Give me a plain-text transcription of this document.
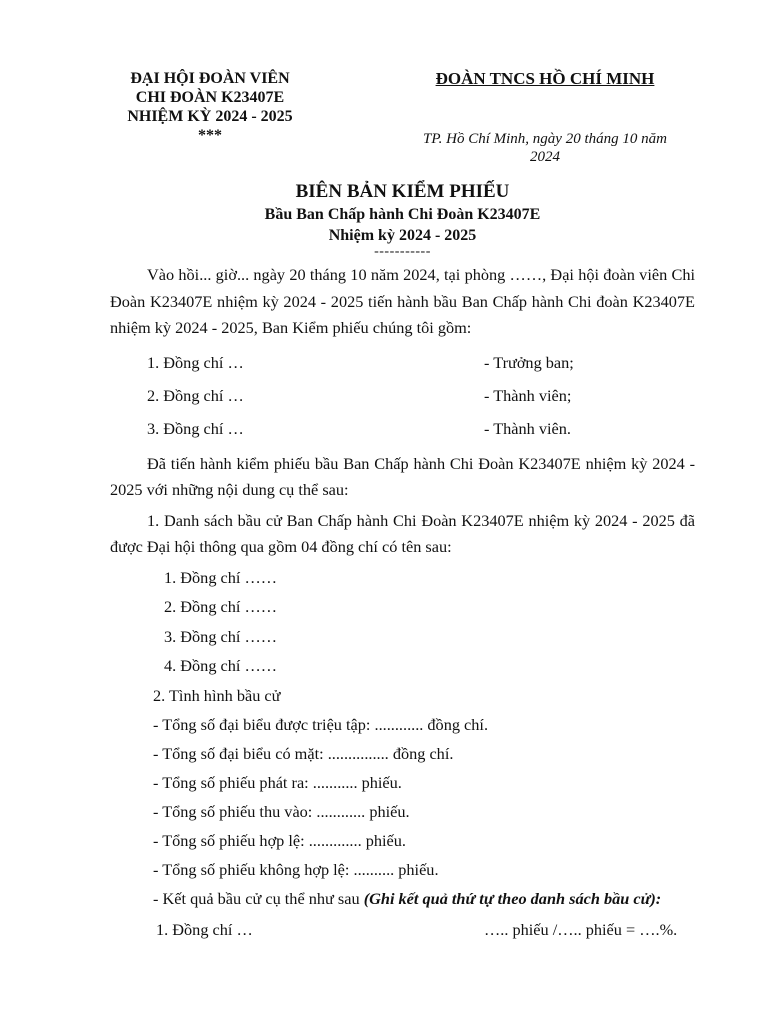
ĐẠI HỘI ĐOÀN VIÊN
CHI ĐOÀN K23407E
NHIỆM KỲ 2024 - 2025
***
ĐOÀN TNCS HỒ CHÍ MINH
TP. Hồ Chí Minh, ngày 20 tháng 10 năm
2024
BIÊN BẢN KIỂM PHIẾU
Bầu Ban Chấp hành Chi Đoàn K23407E
Nhiệm kỳ 2024 - 2025
-----------

Vào hồi... giờ... ngày 20 tháng 10 năm 2024, tại phòng ……, Đại hội đoàn viên Chi Đoàn K23407E nhiệm kỳ 2024 - 2025 tiến hành bầu Ban Chấp hành Chi đoàn K23407E nhiệm kỳ 2024 - 2025, Ban Kiểm phiếu chúng tôi gồm:

1. Đồng chí …	- Trưởng ban;
2. Đồng chí …	- Thành viên;
3. Đồng chí …	- Thành viên.

Đã tiến hành kiểm phiếu bầu Ban Chấp hành Chi Đoàn K23407E nhiệm kỳ 2024 - 2025 với những nội dung cụ thể sau:

1. Danh sách bầu cử Ban Chấp hành Chi Đoàn K23407E nhiệm kỳ 2024 - 2025 đã được Đại hội thông qua gồm 04 đồng chí có tên sau:

1. Đồng chí ……
2. Đồng chí ……
3. Đồng chí ……
4. Đồng chí ……
2. Tình hình bầu cử
- Tổng số đại biểu được triệu tập: ............ đồng chí.
- Tổng số đại biểu có mặt: ............... đồng chí.
- Tổng số phiếu phát ra: ........... phiếu.
- Tổng số phiếu thu vào: ............ phiếu.
- Tổng số phiếu hợp lệ: ............. phiếu.
- Tổng số phiếu không hợp lệ: .......... phiếu.

- Kết quả bầu cử cụ thể như sau (Ghi kết quả thứ tự theo danh sách bầu cử):

1. Đồng chí …	….. phiếu /….. phiếu = ….%.
